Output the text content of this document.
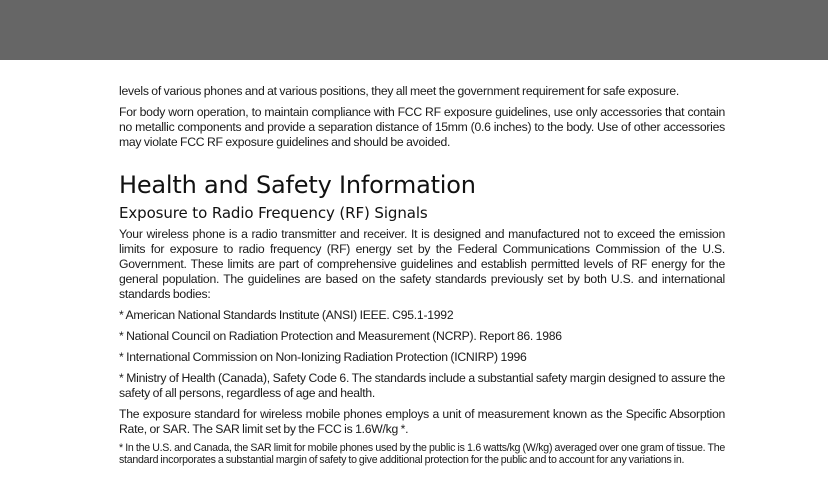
levels of various phones and at various positions, they all meet the government requirement for safe exposure.

For body worn operation, to maintain compliance with FCC RF exposure guidelines, use only accessories that contain no metallic components and provide a separation distance of 15mm (0.6 inches) to the body. Use of other accessories may violate FCC RF exposure guidelines and should be avoided.

Health and Safety Information
Exposure to Radio Frequency (RF) Signals

Your wireless phone is a radio transmitter and receiver. It is designed and manufactured not to exceed the emission limits for exposure to radio frequency (RF) energy set by the Federal Communications Commission of the U.S. Government. These limits are part of comprehensive guidelines and establish permitted levels of RF energy for the general population. The guidelines are based on the safety standards previously set by both U.S. and international standards bodies:

* American National Standards Institute (ANSI) IEEE. C95.1-1992
* National Council on Radiation Protection and Measurement (NCRP). Report 86. 1986
* International Commission on Non-Ionizing Radiation Protection (ICNIRP) 1996
* Ministry of Health (Canada), Safety Code 6. The standards include a substantial safety margin designed to assure the safety of all persons, regardless of age and health.

The exposure standard for wireless mobile phones employs a unit of measurement known as the Specific Absorption Rate, or SAR. The SAR limit set by the FCC is 1.6W/kg *.

* In the U.S. and Canada, the SAR limit for mobile phones used by the public is 1.6 watts/kg (W/kg) averaged over one gram of tissue. The standard incorporates a substantial margin of safety to give additional protection for the public and to account for any variations in.
